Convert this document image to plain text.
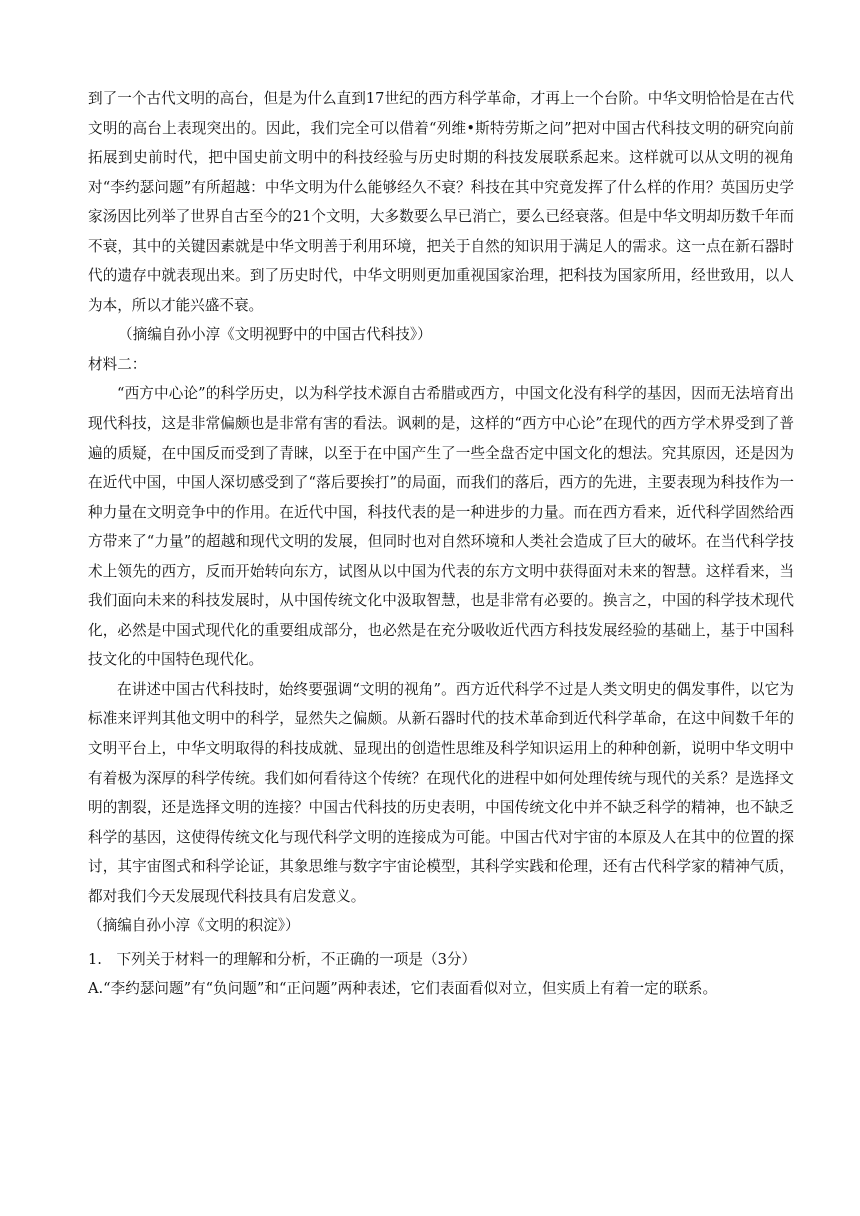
到了一个古代文明的高台，但是为什么直到17世纪的西方科学革命，才再上一个台阶。中华文明恰恰是在古代文明的高台上表现突出的。因此，我们完全可以借着“列维•斯特劳斯之问”把对中国古代科技文明的研究向前拓展到史前时代，把中国史前文明中的科技经验与历史时期的科技发展联系起来。这样就可以从文明的视角对“李约瑟问题”有所超越：中华文明为什么能够经久不衰？科技在其中究竟发挥了什么样的作用？英国历史学家汤因比列举了世界自古至今的21个文明，大多数要么早已消亡，要么已经衰落。但是中华文明却历数千年而不衰，其中的关键因素就是中华文明善于利用环境，把关于自然的知识用于满足人的需求。这一点在新石器时代的遗存中就表现出来。到了历史时代，中华文明则更加重视国家治理，把科技为国家所用，经世致用，以人为本，所以才能兴盛不衰。

（摘编自孙小淳《文明视野中的中国古代科技》）

材料二：

“西方中心论”的科学历史，以为科学技术源自古希腊或西方，中国文化没有科学的基因，因而无法培育出现代科技，这是非常偏颇也是非常有害的看法。讽刺的是，这样的“西方中心论”在现代的西方学术界受到了普遍的质疑，在中国反而受到了青睐，以至于在中国产生了一些全盘否定中国文化的想法。究其原因，还是因为在近代中国，中国人深切感受到了“落后要挨打”的局面，而我们的落后，西方的先进，主要表现为科技作为一种力量在文明竞争中的作用。在近代中国，科技代表的是一种进步的力量。而在西方看来，近代科学固然给西方带来了“力量”的超越和现代文明的发展，但同时也对自然环境和人类社会造成了巨大的破坏。在当代科学技术上领先的西方，反而开始转向东方，试图从以中国为代表的东方文明中获得面对未来的智慧。这样看来，当我们面向未来的科技发展时，从中国传统文化中汲取智慧，也是非常有必要的。换言之，中国的科学技术现代化，必然是中国式现代化的重要组成部分，也必然是在充分吸收近代西方科技发展经验的基础上，基于中国科技文化的中国特色现代化。

在讲述中国古代科技时，始终要强调“文明的视角”。西方近代科学不过是人类文明史的偶发事件，以它为标准来评判其他文明中的科学，显然失之偏颇。从新石器时代的技术革命到近代科学革命，在这中间数千年的文明平台上，中华文明取得的科技成就、显现出的创造性思维及科学知识运用上的种种创新，说明中华文明中有着极为深厚的科学传统。我们如何看待这个传统？在现代化的进程中如何处理传统与现代的关系？是选择文明的割裂，还是选择文明的连接？中国古代科技的历史表明，中国传统文化中并不缺乏科学的精神，也不缺乏科学的基因，这使得传统文化与现代科学文明的连接成为可能。中国古代对宇宙的本原及人在其中的位置的探讨，其宇宙图式和科学论证，其象思维与数字宇宙论模型，其科学实践和伦理，还有古代科学家的精神气质，都对我们今天发展现代科技具有启发意义。

（摘编自孙小淳《文明的积淀》）

1.　下列关于材料一的理解和分析，不正确的一项是（3分）

A.“李约瑟问题”有“负问题”和“正问题”两种表述，它们表面看似对立，但实质上有着一定的联系。
